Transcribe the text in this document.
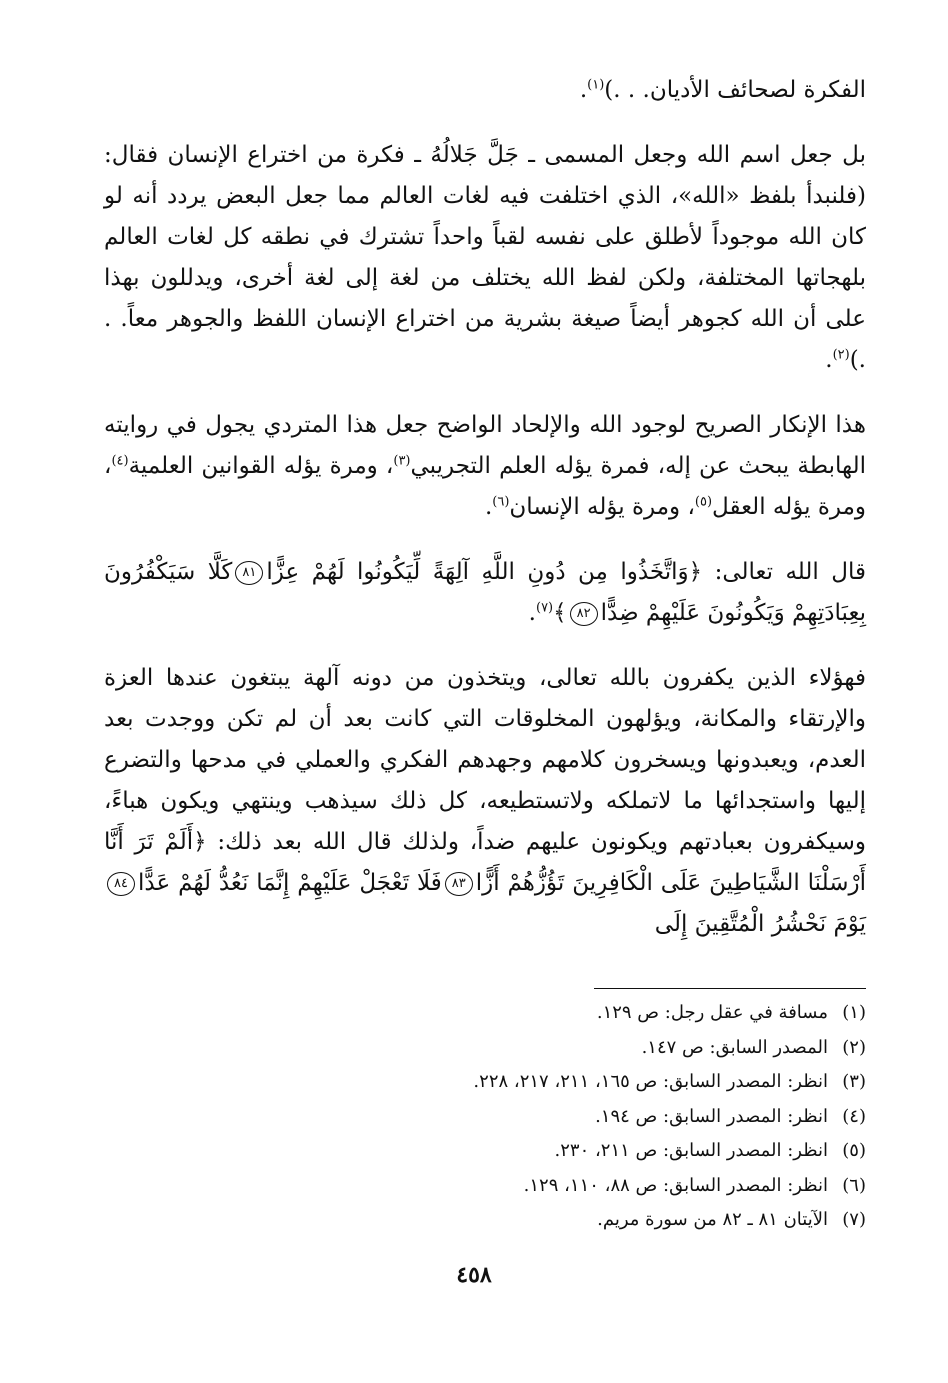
الفكرة لصحائف الأديان. . .)$^{(١)}$.

بل جعل اسم الله وجعل المسمى ـ جَلَّ جَلالُهُ ـ فكرة من اختراع الإنسان فقال: (فلنبدأ بلفظ «الله»، الذي اختلفت فيه لغات العالم مما جعل البعض يردد أنه لو كان الله موجوداً لأطلق على نفسه لقباً واحداً تشترك في نطقه كل لغات العالم بلهجاتها المختلفة، ولكن لفظ الله يختلف من لغة إلى لغة أخرى، ويدللون بهذا على أن الله كجوهر أيضاً صيغة بشرية من اختراع الإنسان اللفظ والجوهر معاً. . .)$^{(٢)}$.

هذا الإنكار الصريح لوجود الله والإلحاد الواضح جعل هذا المتردي يجول في روايته الهابطة يبحث عن إله، فمرة يؤله العلم التجريبي$^{(٣)}$، ومرة يؤله القوانين العلمية$^{(٤)}$، ومرة يؤله العقل$^{(٥)}$، ومرة يؤله الإنسان$^{(٦)}$.

قال الله تعالى: ﴿وَاتَّخَذُوا مِن دُونِ اللَّهِ آلِهَةً لِّيَكُونُوا لَهُمْ عِزًّا٨١كَلَّا سَيَكْفُرُونَ بِعِبَادَتِهِمْ وَيَكُونُونَ عَلَيْهِمْ ضِدًّا٨٢﴾$^{(٧)}$.

فهؤلاء الذين يكفرون بالله تعالى، ويتخذون من دونه آلهة يبتغون عندها العزة والإرتقاء والمكانة، ويؤلهون المخلوقات التي كانت بعد أن لم تكن ووجدت بعد العدم، ويعبدونها ويسخرون كلامهم وجهدهم الفكري والعملي في مدحها والتضرع إليها واستجدائها ما لاتملكه ولاتستطيعه، كل ذلك سيذهب وينتهي ويكون هباءً، وسيكفرون بعبادتهم ويكونون عليهم ضداً، ولذلك قال الله بعد ذلك: ﴿أَلَمْ تَرَ أَنَّا أَرْسَلْنَا الشَّيَاطِينَ عَلَى الْكَافِرِينَ تَؤُزُّهُمْ أَزًّا٨٣فَلَا تَعْجَلْ عَلَيْهِمْ إِنَّمَا نَعُدُّ لَهُمْ عَدًّا٨٤يَوْمَ نَحْشُرُ الْمُتَّقِينَ إِلَى

(١)مسافة في عقل رجل: ص ١٢٩.

(٢)المصدر السابق: ص ١٤٧.

(٣)انظر: المصدر السابق: ص ١٦٥، ٢١١، ٢١٧، ٢٢٨.

(٤)انظر: المصدر السابق: ص ١٩٤.

(٥)انظر: المصدر السابق: ص ٢١١، ٢٣٠.

(٦)انظر: المصدر السابق: ص ٨٨، ١١٠، ١٢٩.

(٧)الآيتان ٨١ ـ ٨٢ من سورة مريم.

٤٥٨
